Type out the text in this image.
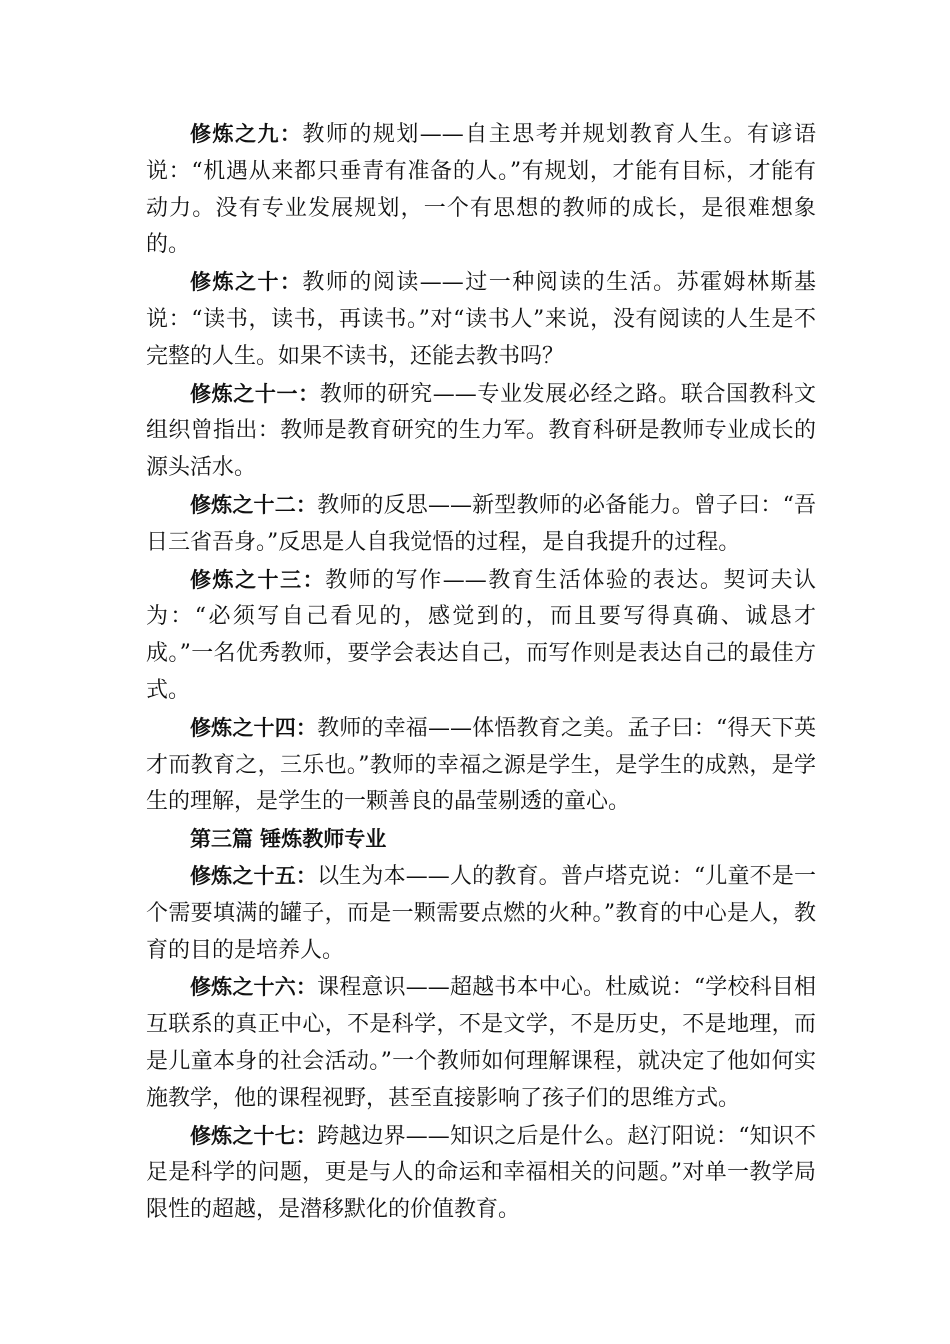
修炼之九：教师的规划——自主思考并规划教育人生。有谚语说：“机遇从来都只垂青有准备的人。”有规划，才能有目标，才能有动力。没有专业发展规划，一个有思想的教师的成长，是很难想象的。

修炼之十：教师的阅读——过一种阅读的生活。苏霍姆林斯基说：“读书，读书，再读书。”对“读书人”来说，没有阅读的人生是不完整的人生。如果不读书，还能去教书吗？

修炼之十一：教师的研究——专业发展必经之路。联合国教科文组织曾指出：教师是教育研究的生力军。教育科研是教师专业成长的源头活水。

修炼之十二：教师的反思——新型教师的必备能力。曾子曰：“吾日三省吾身。”反思是人自我觉悟的过程，是自我提升的过程。

修炼之十三：教师的写作——教育生活体验的表达。契诃夫认为：“必须写自己看见的，感觉到的，而且要写得真确、诚恳才成。”一名优秀教师，要学会表达自己，而写作则是表达自己的最佳方式。

修炼之十四：教师的幸福——体悟教育之美。孟子曰：“得天下英才而教育之，三乐也。”教师的幸福之源是学生，是学生的成熟，是学生的理解，是学生的一颗善良的晶莹剔透的童心。

第三篇 锤炼教师专业

修炼之十五：以生为本——人的教育。普卢塔克说：“儿童不是一个需要填满的罐子，而是一颗需要点燃的火种。”教育的中心是人，教育的目的是培养人。

修炼之十六：课程意识——超越书本中心。杜威说：“学校科目相互联系的真正中心，不是科学，不是文学，不是历史，不是地理，而是儿童本身的社会活动。”一个教师如何理解课程，就决定了他如何实施教学，他的课程视野，甚至直接影响了孩子们的思维方式。

修炼之十七：跨越边界——知识之后是什么。赵汀阳说：“知识不足是科学的问题，更是与人的命运和幸福相关的问题。”对单一教学局限性的超越，是潜移默化的价值教育。
